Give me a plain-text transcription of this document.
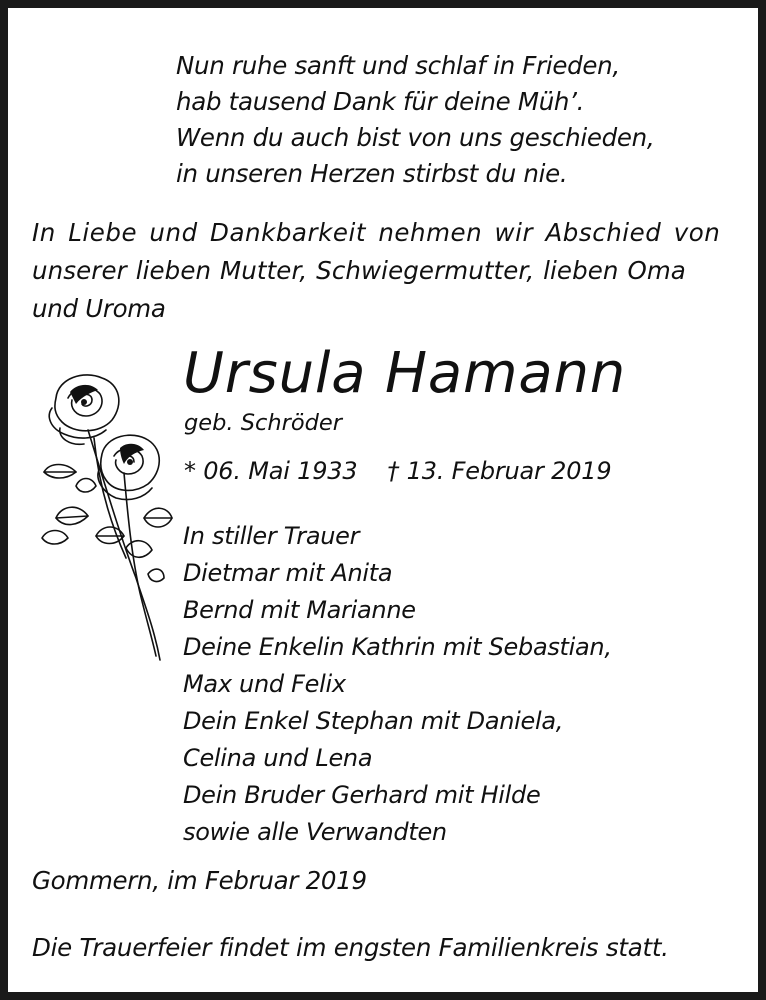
Nun ruhe sanft und schlaf in Frieden,
hab tausend Dank für deine Müh’.
Wenn du auch bist von uns geschieden,
in unseren Herzen stirbst du nie.
In Liebe und Dankbarkeit nehmen wir Abschied von
unserer lieben Mutter, Schwiegermutter, lieben Oma
und Uroma
Ursula Hamann
geb. Schröder
* 06. Mai 1933 † 13. Februar 2019
In stiller Trauer
Dietmar mit Anita
Bernd mit Marianne
Deine Enkelin Kathrin mit Sebastian,
Max und Felix
Dein Enkel Stephan mit Daniela,
Celina und Lena
Dein Bruder Gerhard mit Hilde
sowie alle Verwandten
Gommern, im Februar 2019
Die Trauerfeier findet im engsten Familienkreis statt.
